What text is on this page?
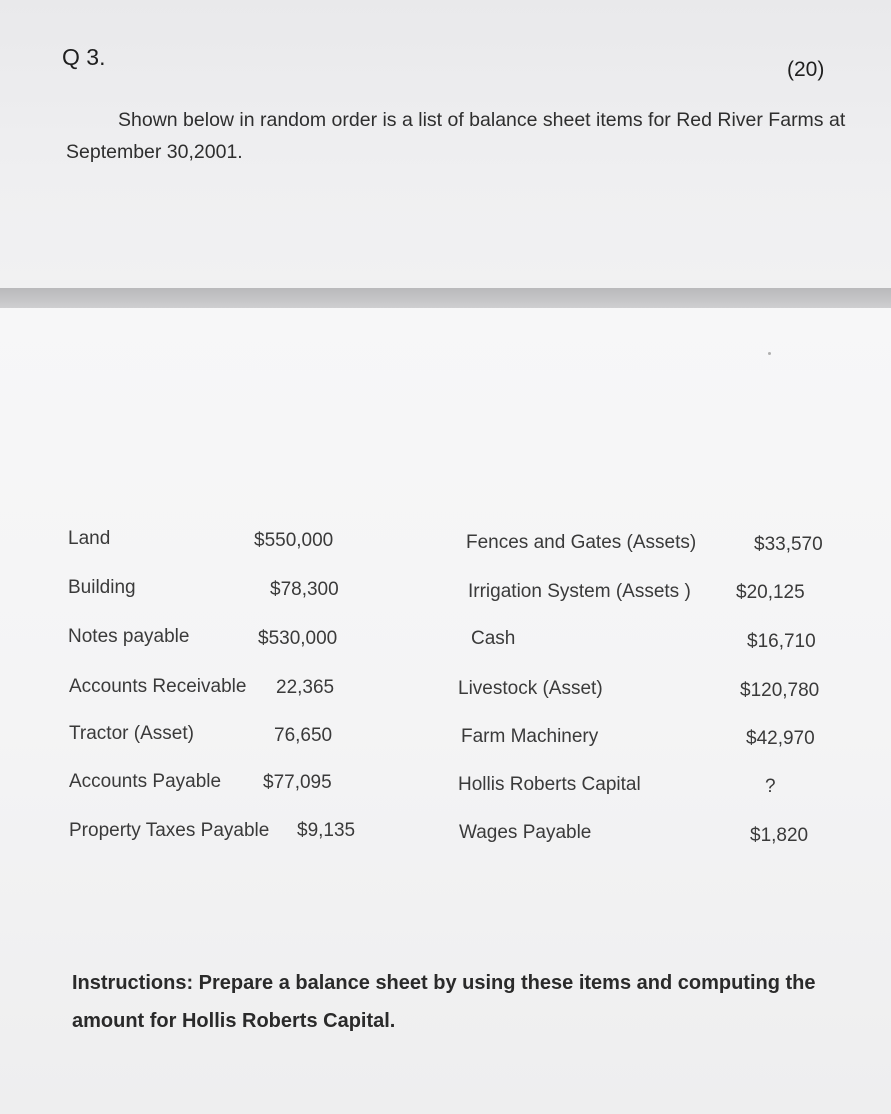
Q 3.	(20)
Shown below in random order is a list of balance sheet items for Red River Farms at September 30,2001.
Land	$550,000
Building	$78,300
Notes payable	$530,000
Accounts Receivable 22,365
Tractor (Asset)	76,650
Accounts Payable $77,095
Property Taxes Payable $9,135
Fences and Gates (Assets)	$33,570
Irrigation System (Assets ) $20,125
Cash	$16,710
Livestock (Asset)	$120,780
Farm Machinery	$42,970
Hollis Roberts Capital	?
Wages Payable	$1,820
Instructions: Prepare a balance sheet by using these items and computing the amount for Hollis Roberts Capital.
